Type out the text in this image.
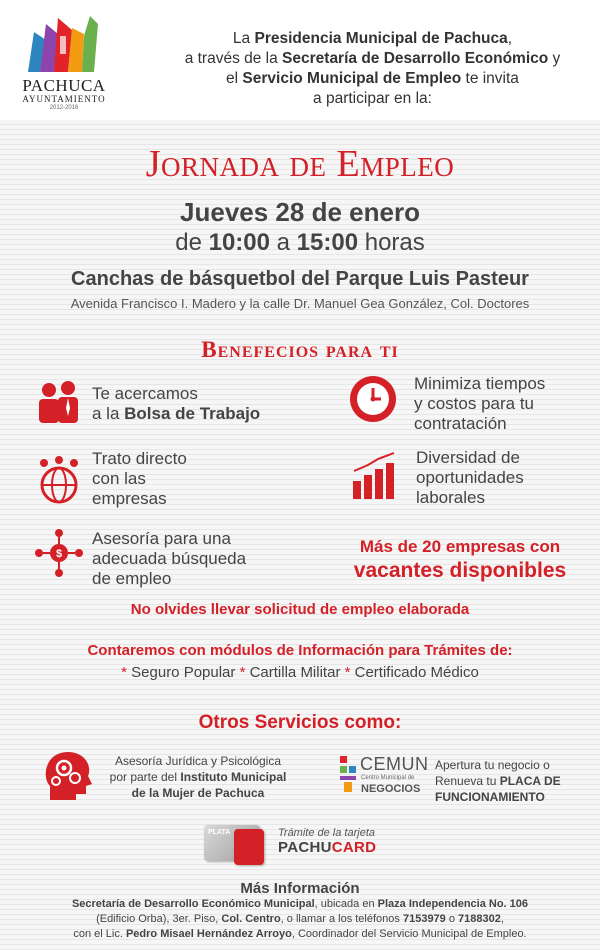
PACHUCA
AYUNTAMIENTO
2012-2016

La Presidencia Municipal de Pachuca,

a través de la Secretaría de Desarrollo Económico y

el Servicio Municipal de Empleo te invita

a participar en la:

Jornada de Empleo
Jueves 28 de enero
de 10:00 a 15:00 horas
Canchas de básquetbol del Parque Luis Pasteur
Avenida Francisco I. Madero y la calle Dr. Manuel Gea González, Col. Doctores
Benefecios para ti
Te acercamos
a la Bolsa de Trabajo
Minimiza tiempos
y costos para tu
contratación
Trato directo
con las
empresas
Diversidad de
oportunidades
laborales
$
Asesoría para una
adecuada búsqueda
de empleo
Más de 20 empresas con
vacantes disponibles
No olvides llevar solicitud de empleo elaborada
Contaremos con módulos de Información para Trámites de:
* Seguro Popular * Cartilla Militar * Certificado Médico
Otros Servicios como:
Asesoría Jurídica y Psicológica
por parte del Instituto Municipal
de la Mujer de Pachuca
CEMUN
Centro Municipal de
NEGOCIOS
Apertura tu negocio o
Renueva tu PLACA DE
FUNCIONAMIENTO
PLATA	Trámite de la tarjeta
PACHUCARD
Más Información

Secretaría de Desarrollo Económico Municipal, ubicada en Plaza Independencia No. 106

(Edificio Orba), 3er. Piso, Col. Centro, o llamar a los teléfonos 7153979 o 7188302,

con el Lic. Pedro Misael Hernández Arroyo, Coordinador del Servicio Municipal de Empleo.
